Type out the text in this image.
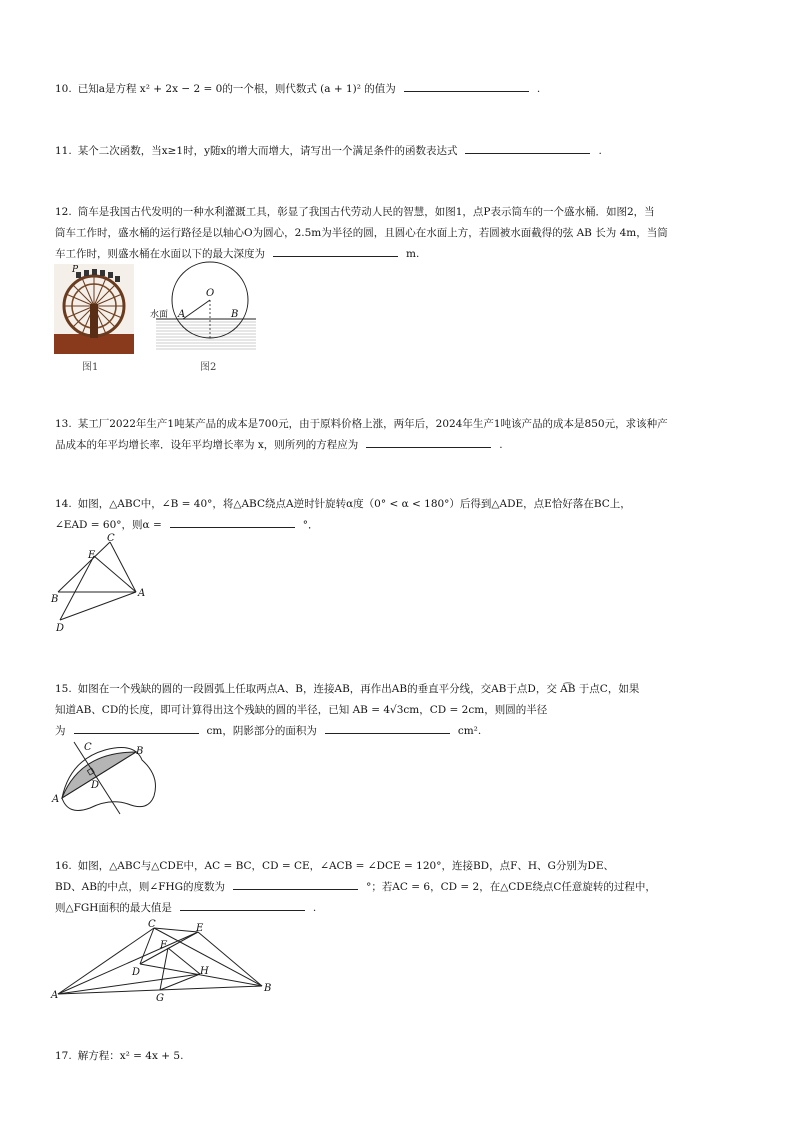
10. 已知a是方程 x² + 2x − 2 = 0的一个根，则代数式 (a + 1)² 的值为	.
11. 某个二次函数，当x≥1时，y随x的增大而增大，请写出一个满足条件的函数表达式	.
12. 筒车是我国古代发明的一种水利灌溉工具，彰显了我国古代劳动人民的智慧，如图1，点P表示筒车的一个盛水桶．如图2，当
筒车工作时，盛水桶的运行路径是以轴心O为圆心，2.5m为半径的圆，且圆心在水面上方，若圆被水面截得的弦 AB 长为 4m，当筒
车工作时，则盛水桶在水面以下的最大深度为	m.
P
图1
O
A	B
水面
图2
13. 某工厂2022年生产1吨某产品的成本是700元，由于原料价格上涨，两年后，2024年生产1吨该产品的成本是850元，求该种产
品成本的年平均增长率．设年平均增长率为 x，则所列的方程应为	.
14. 如图，△ABC中，∠B = 40°，将△ABC绕点A逆时针旋转α度（0° < α < 180°）后得到△ADE，点E恰好落在BC上，
∠EAD = 60°，则α =	°．
C
E
B
A
D
15. 如图在一个残缺的圆的一段圆弧上任取两点A、B，连接AB，再作出AB的垂直平分线，交AB于点D，交 A͡B 于点C，如果
知道AB、CD的长度，即可计算得出这个残缺的圆的半径，已知 AB = 4√3cm，CD = 2cm，则圆的半径
为	cm，阴影部分的面积为	cm².
C	B
D
A
16. 如图，△ABC与△CDE中，AC = BC，CD = CE，∠ACB = ∠DCE = 120°，连接BD，点F、H、G分别为DE、
BD、AB的中点，则∠FHG的度数为	°；若AC = 6，CD = 2，在△CDE绕点C任意旋转的过程中，
则△FGH面积的最大值是	.
C	E
F
D	H
A	G
B
17. 解方程：x² = 4x + 5.
